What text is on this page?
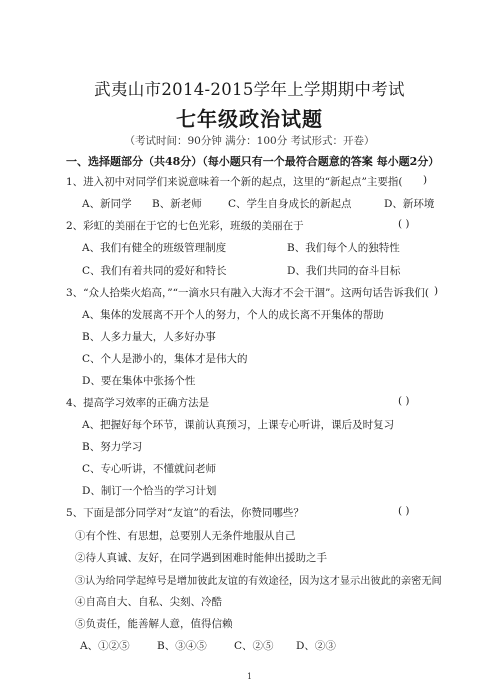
武夷山市2014-2015学年上学期期中考试
七年级政治试题
（考试时间：90分钟 满分：100分 考试形式：开卷）
一、选择题部分（共48分）（每小题只有一个最符合题意的答案 每小题2分）
1、进入初中对同学们来说意味着一个新的起点，这里的“新起点”主要指( )
A、新同学 B、新老师	C、学生自身成长的新起点	D、新环境
2、彩虹的美丽在于它的七色光彩，班级的美丽在于	( )
A、我们有健全的班级管理制度	B、我们每个人的独特性
C、我们有着共同的爱好和特长	D、我们共同的奋斗目标
3、“众人拾柴火焰高，”“一滴水只有融入大海才不会干涸”。这两句话告诉我们( )
A、集体的发展离不开个人的努力，个人的成长离不开集体的帮助
B、人多力量大，人多好办事
C、个人是渺小的，集体才是伟大的
D、要在集体中张扬个性
4、提高学习效率的正确方法是	( )
A、把握好每个环节，课前认真预习，上课专心听讲，课后及时复习
B、努力学习
C、专心听讲，不懂就问老师
D、制订一个恰当的学习计划
5、下面是部分同学对“友谊”的看法，你赞同哪些？	( )
①有个性、有思想，总要别人无条件地服从自己
②待人真诚、友好，在同学遇到困难时能伸出援助之手
③认为给同学起绰号是增加彼此友谊的有效途径，因为这才显示出彼此的亲密无间
④自高自大、自私、尖刻、冷酷
⑤负责任，能善解人意，值得信赖
A、①②⑤	B、③④⑤	C、②⑤ D、②③
1
